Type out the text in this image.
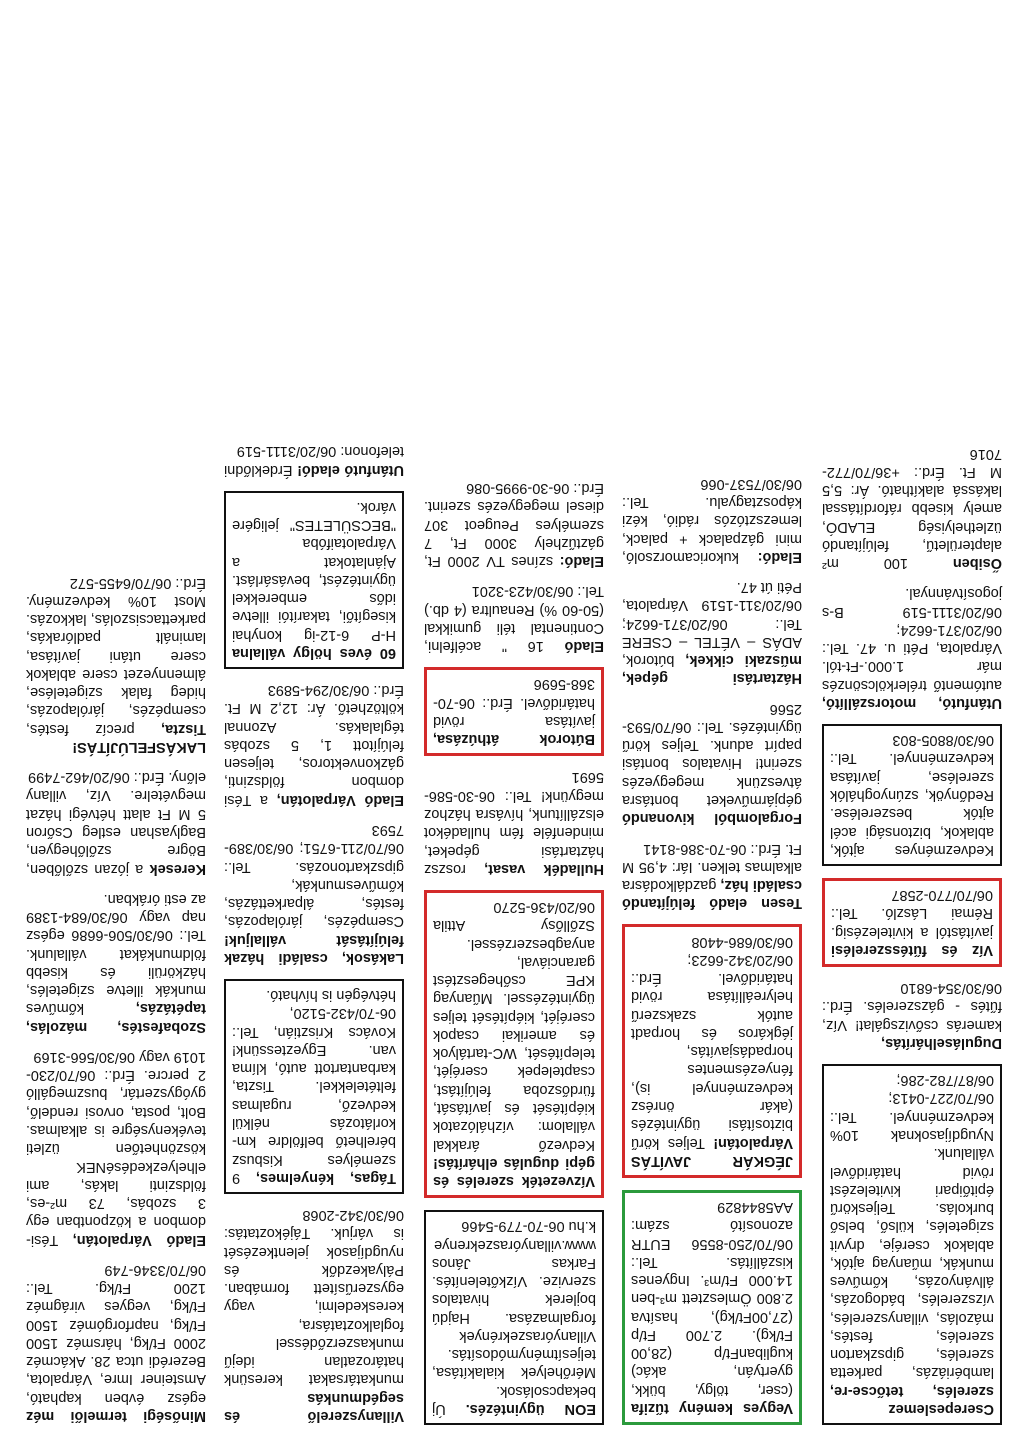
Cserepeslemez szerelés, tetőcse-re, lambériázás, parketta szerelés, gipszkarton szerelés, festés, mázolás, villanyszerelés, vízszerelés, bádogozás, állványozás, kőműves munkák, műanyag ajtók, ablakok cseréje, dryvit szigetelés, külső, belső burkolás. Teljeskörű épitőipari kivitelezést rövid határidővel vállalunk. Nyugdíjasoknak 10% kedvezménnyel. Tel.: 06/70/227-0413; 06/87/782-286;
Duguláselhárítás, kamerás csővizsgálat! Víz, fűtés - gázszerelés. Érd.: 06/30/354-6810
Víz és fűtésszerelési javítástól a kivitelezésig. Rémai László. Tel.: 06/70/770-2587
Kedvezményes ajtók, ablakok, biztonsági acél ajtók beszerelése. Redőnyök, szúnyoghálók szerelése, javítása kedvezménnyel. Tel.: 06/30/8805-803
Utánfutó, motorszállító, autómentő trélerkölcsönzés már 1.000.-Ft-tól. Várpalota, Péti u. 47. Tel.: 06/20/371-6624; 06/20/3111-519 B-s jogosítvánnyal.
Ősiben 100 m² alapterületű, felújítandó üzlethelyiség ELADÓ, amely kisebb ráfordítással lakássá alakítható. Ár: 5,5 M Ft. Érd.: +36/70/772-7016
Vegyes kemény tűzifa (cser, tölgy, bükk, gyertyán, akác) kuglibanFt/p (28,00 Ft/kg). 2.700 Ft/p (27,00Ft/kg), hasítva 2.800 Ömlesztett m³-ben 14.000 Ft/m³. Ingyenes kiszállítás. Tel.: 06/70/250-8556 EUTR azonosító szám: AA5844829
JÉGKÁR JAVÍTÁS Várpalotán! Teljes körű biztosítási ügyintézés (akár önrész kedvezménnyel is), fényezésmentes horpadásjavítás, jégkáros és horpadt autók szakszerű helyreállítása rövid határidővel. Érd.: 06/20/342-6623; 06/30/686-4408
Tesen eladó felújítandó családi ház, gazdálkodásra alkalmas telken. Iár: 4,95 M Ft. Érd.: 06-70-386-8141
Forgalomból kivonandó gépjárműveket bontásra átveszünk megegyezés szerint! Hivatalos bontási papírt adunk. Teljes körű ügyintézés. Tel.: 06/70/593-2566
Háztartási gépek, műszaki cikkek, bútorok, ADÁS – VÉTEL – CSERE Tel.: 06/20/371-6624; 06/20/311-1519 Várpalota, Péti út 47.
Eladó: kukoricamorzsoló, mini gázpalack + palack, lemezsztózós rádió, kézi káposztagyalu. Tel.: 06/30/7537-066
EON ügyintézés. Új bekapcsolások. Mérőhelyek kialakítása, teljesítménymódosítás. Villanyóraszekrények forgalmazása. Hajdú bojlerek hivatalos szervize. Vízkőtelenítés. Farkas János www.villanyóraszekrenyek.hu 06-70-779-5466
Vízvezeték szerelés és gépi dugulás elhárítás! Kedvező árakkal vállalom: vízhálózatok kiépítését és javítását, fürdőszoba felújítást, csaptelepek cseréjét, telepítését, WC-tartályok és amerikai csapok cseréjét, kiépítését teljes ügyintézéssel. Műanyag KPE csőhegesztést garanciával, anyagbeszerzéssel. Szőllősy Attila 06/20/436-5270
Hulladék vasat, roszsz háztartási gépeket, mindenféle fém hulladékot elszállítunk, hívásra házhoz megyünk! Tel.: 06-30-586-5691
Bútorok áthúzása, javítása rövid határidővel. Érd.: 06-70-368-5696
Eladó 16 " acélfelni, Continental téli gumikkal (50-60 %) Renaultra (4 db.) Tel.: 06/30/423-3201
Eladó: színes TV 2000 Ft, gáztűzhely 3000 Ft, 7 személyes Peugeot 307 diesel megegyezés szerint. Érd.: 06-30-9995-086
Villanyszerelő és segédmunkás munkatársakat keresünk határozatlan idejű munkaszerződéssel foglalkoztatásra, kereskedelmi, vagy egyszerűsített formában. Pályakezdők és nyugdíjasok jelentkezését is várjuk. Tájékoztatás: 06/30/342-2068
Tágas, kényelmes, 9 személyes Kisbusz bérelhető belföldre km-korlátozás nélkül kedvező, rugalmas feltételekkel. Tiszta, karbantartott autó, klíma van. Egyeztessünk! Kovács Krisztián, Tel.: 06-70/432-5120, hétvégén is hívható.
Lakások, családi házak felújítását vállaljuk! Csempézés, járólapozás, festés, álparkettázás, kőművesmunkák, gipszkartonozás. Tel.: 06/70/211-6751; 06/30/389-7593
Eladó Várpalotán, a Tési dombon földszinti, gázkonvektoros, teljesen felújított 1, 5 szobás téglalakás. Azonnal költözhető. Ár: 12,2 M Ft. Érd.: 06/30/294-5893
60 éves hölgy vállalna H-P 6-12-ig konyhai kisegítői, takarítói illetve idős emberekkel ügyintézést, bevásárlást. Ajánlatokat a Várpalotaifóba "BECSÜLETES" jeligére várok.
Utánfutó eladó! Érdeklődni telefonon: 06/20/3111-519
Minőségi termelői méz egész évben kapható, Amsteiner Imre, Várpalota, Bezerédi utca 28. Akácméz 2000 Ft/kg, hársméz 1500 Ft/kg, naprforgóméz 1500 Ft/kg, vegyes virágméz 1200 Ft/kg. Tel.: 06/70/3346-749
Eladó Várpalotán, Tési-dombon a központban egy 3 szobás, 73 m²-es, földszinti lakás, ami elhelyezkedéséNEK köszönhetően üzleti tevékenységre is alkalmas. Bolt, posta, orvosi rendelő, gyógyszertár, buszmegálló 2 percre. Érd.: 06/70/230-1019 vagy 06/30/566-3169
Szobafestés, mázolás, tapétázás, kőműves munkák illetve szigetelés, házkörüli és kisebb földmunkákat vállalunk. Tel.: 06/30/506-6686 egész nap vagy 06/30/684-1389 az esti órákban.
Keresek a józan szőlőben, Bögre szőlőhegyen, Baglyashan estleg Csőron 5 M Ft alatt hétvégi házat megvételre. Víz, villany előny. Érd.: 06/20/462-7499
LAKÁSFELÚJÍTÁS! Tiszta, precíz festés, csempézés, járólapozás, hideg falak szigetelése, álmennyezet csere ablakok csere utáni javítása, laminált padlórakás, parkettacsiszolás, lakkozás. Most 10% kedvezmény. Érd.: 06/70/6455-572
